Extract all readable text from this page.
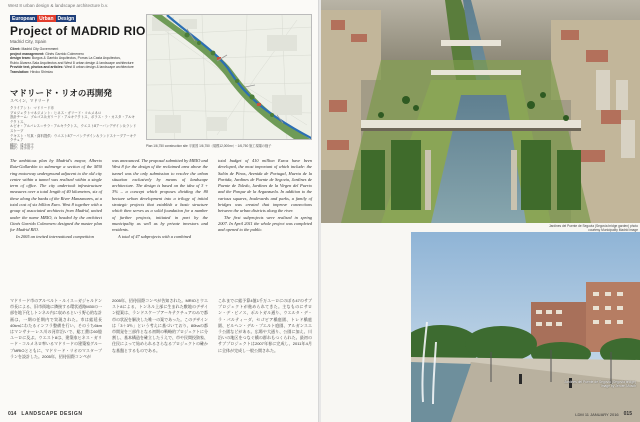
West 8 urban design & landscape architecture b.v.
European Urban Design
Project of MADRID RIO
Madrid City, Spain
Client: Madrid City Government
project management: Ginés Garrido Colmenero
design team: Burgos & Garrido Arquitectos, Porras La Casta Arquitectos,
Rubio Álvarez-Sala Arquitectos and West 8 urban design & landscape architecture
Provide text, photos and articles: West 8 urban design & landscape architecture
Translation: Hiroko Shimizu
マドリード・リオの再開発
スペイン、マドリード
クライアント：マドリード市
プロジェクトマネジメント：ヒネス・ガリード・コルメネロ
設計チーム：ブルゴス＆ガリード・アルキテクトス、ポラス・ラ・カスタ・アルキテクトス、
ルビオ・アルバレス＝サラ・アルキテクトス、ウエスト8アーバンデザイン＆ランドスケープ
テキスト・写真・資料提供：ウエスト8アーバンデザイン＆ランドスケープアーキテクチュア
翻訳：清水裕子
翻訳：清水裕子	Plan 1/6,750 construction site 平面図 1/6,750（規模12,000m²）・1/6,750 施工現場の様子

The ambitious plan by Madrid's mayor, Alberto Ruiz-Gallardón to submerge a section of the M30 ring motorway underground adjacent to the old city centre within a tunnel was realised within a single term of office. The city undertook infrastructure measures over a total length of 40 kilometres, six of these along the banks of the River Manzanares, at a total cost of six billion Euro. West 8 together with a group of associated architects from Madrid, united under the name MRIO, is headed by the architect Ginés Garrido Colmenero designed the master plan for Madrid RIO.

In 2005 an invited international competition

was announced. The proposal submitted by MRIO and West 8 for the design of the reclaimed area above the tunnel was the only submission to resolve the urban situation exclusively by means of landscape architecture. The design is based on the idea of 3 + 3% – a concept which proposes dividing the 80 hectare urban development into a trilogy of initial strategic projects that establish a basic structure which then serves as a solid foundation for a number of further projects, initiated in part by the municipality as well as by private investors and residents.

A total of 47 subprojects with a combined

total budget of 410 million Euros have been developed, the most important of which include: the Salón de Pinos, Avenida de Portugal, Huerta de la Partida, Jardines de Puente de Segovia, Jardines de Puente de Toledo, Jardines de la Virgen del Puerto and the Parque de la Arganzuela. In addition to the various squares, boulevards and parks, a family of bridges was created that improve connections between the urban districts along the river.

The first subprojects were realised in spring 2007. In April 2011 the whole project was completed and opened to the public.

マドリード市のアルベルト・ルイス＝ガジャルドン市長による、旧市街地に隣接する環状道路M30の一部を地下化しトンネル内に収めるという野心的な計画は、一期の任期内で実現された。市は総延長40kmにわたるインフラ整備を行い、そのうち6kmはマンサナーレス川の河岸沿いで、総工費は60億ユーロに及ぶ。ウエスト8は、建築家ヒネス・ガリード・コルメネロ率いるマドリードの建築家グループMRIOとともに、マドリード・リオのマスタープランを設計した。2005年、招待国際コンペが
2005年、招待国際コンペが告知された。MRIOとウエスト8による、トンネル上部に生まれた敷地のデザイン提案は、ランドスケープアーキテクチュアのみで都市の状況を解決した唯一の案であった。このデザインは「3＋3％」という考えに基づいており、80haの都市開発を三部作となる初期の戦略的プロジェクトに分割し、基本構造を確立したうえで、市や民間投資家、住民によって始められるさらなるプロジェクトの確かな基盤とするものである。
これまでに総予算4億1千万ユーロにのぼる47のサブプロジェクトが進められてきた。主なものにサロン・デ・ピノス、ポルトガル通り、ウエルタ・デ・ラ・パルティーダ、セゴビア橋庭園、トレド橋庭園、ビルヘン・デル・プエルト庭園、アルガンスエラ公園などがある。広場や大通り、公園に加え、川沿いの地区をつなぐ橋の群れもつくられた。最初のサブプロジェクトは2007年春に完成し、2011年4月に全体が完成し一般公開された。
014 LANDSCAPE DESIGN
Jardines del Puente de Segovia (Segovia bridge garden) photo courtesy Municipality Madrid image
Jardines del Puente de Segovia (Segovia bridge)
image by Jeroen Musch
LDM 11 JANUARY 2016 015
